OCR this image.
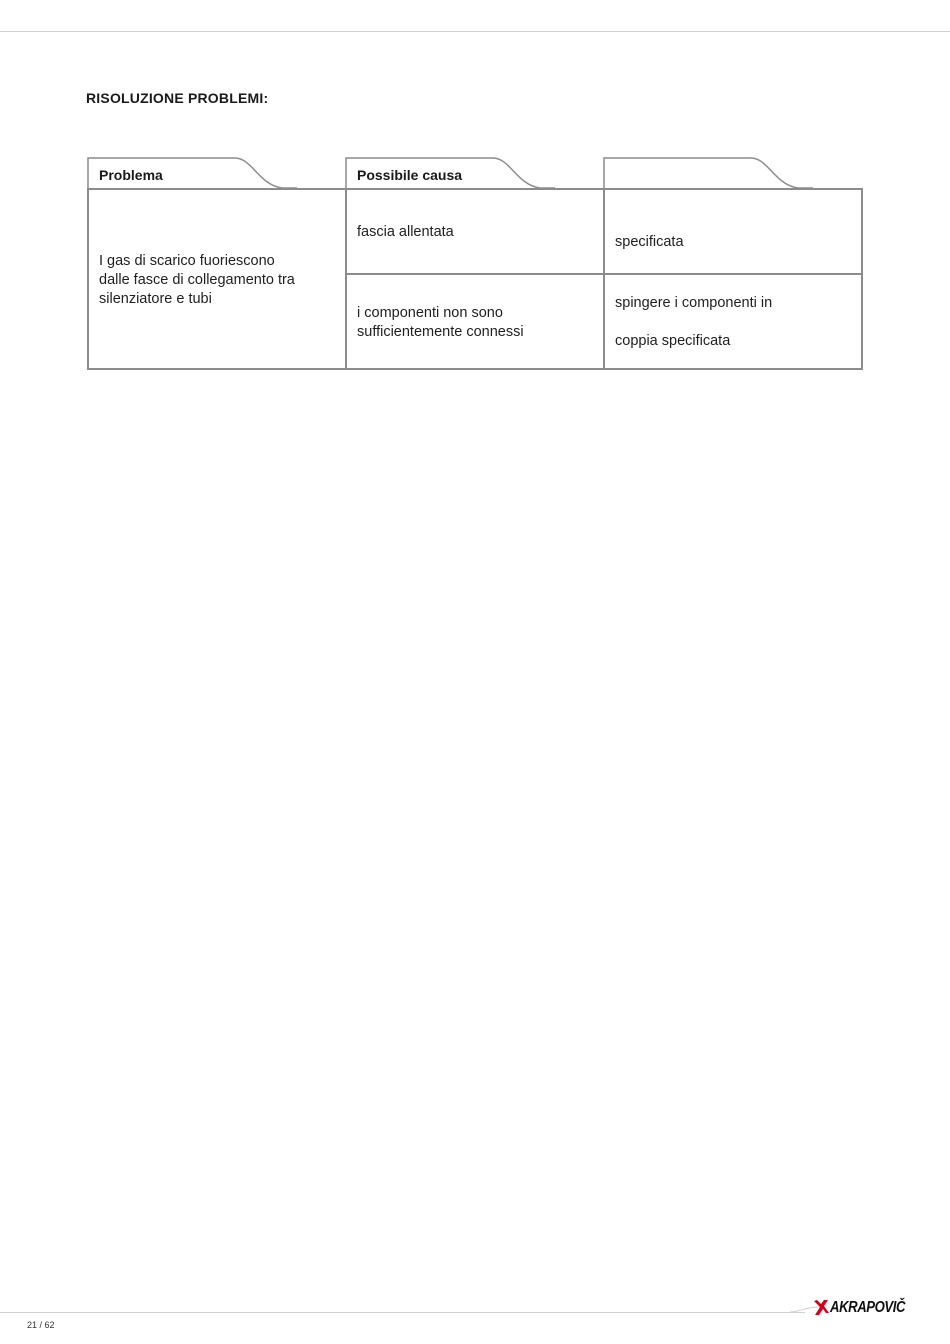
RISOLUZIONE PROBLEMI:
Problema	Possibile causa
I gas di scarico fuoriescono
dalle fasce di collegamento tra
silenziatore e tubi
fascia allentata
specificata
i componenti non sono
sufficientemente connessi
spingere i componenti in

coppia specificata
21 / 62
AKRAPOVIČ
